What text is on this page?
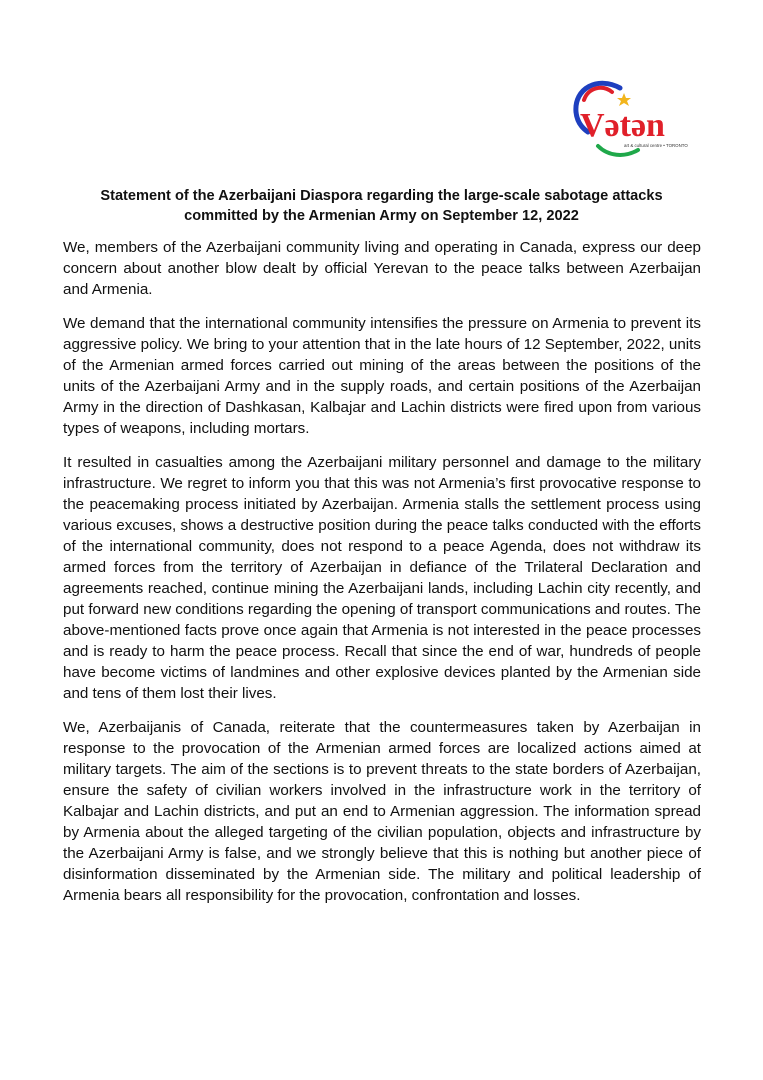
Vətən
art & cultural centre • TORONTO
Statement of the Azerbaijani Diaspora regarding the large-scale sabotage attacks
committed by the Armenian Army on September 12, 2022

We, members of the Azerbaijani community living and operating in Canada, express our deep concern about another blow dealt by official Yerevan to the peace talks between Azerbaijan and Armenia.

We demand that the international community intensifies the pressure on Armenia to prevent its aggressive policy. We bring to your attention that in the late hours of 12 September, 2022, units of the Armenian armed forces carried out mining of the areas between the positions of the units of the Azerbaijani Army and in the supply roads, and certain positions of the Azerbaijan Army in the direction of Dashkasan, Kalbajar and Lachin districts were fired upon from various types of weapons, including mortars.

It resulted in casualties among the Azerbaijani military personnel and damage to the military infrastructure. We regret to inform you that this was not Armenia’s first provocative response to the peacemaking process initiated by Azerbaijan. Armenia stalls the settlement process using various excuses, shows a destructive position during the peace talks conducted with the efforts of the international community, does not respond to a peace Agenda, does not withdraw its armed forces from the territory of Azerbaijan in defiance of the Trilateral Declaration and agreements reached, continue mining the Azerbaijani lands, including Lachin city recently, and put forward new conditions regarding the opening of transport communications and routes. The above-mentioned facts prove once again that Armenia is not interested in the peace processes and is ready to harm the peace process. Recall that since the end of war, hundreds of people have become victims of landmines and other explosive devices planted by the Armenian side and tens of them lost their lives.

We, Azerbaijanis of Canada, reiterate that the countermeasures taken by Azerbaijan in response to the provocation of the Armenian armed forces are localized actions aimed at military targets. The aim of the sections is to prevent threats to the state borders of Azerbaijan, ensure the safety of civilian workers involved in the infrastructure work in the territory of Kalbajar and Lachin districts, and put an end to Armenian aggression. The information spread by Armenia about the alleged targeting of the civilian population, objects and infrastructure by the Azerbaijani Army is false, and we strongly believe that this is nothing but another piece of disinformation disseminated by the Armenian side. The military and political leadership of Armenia bears all responsibility for the provocation, confrontation and losses.
